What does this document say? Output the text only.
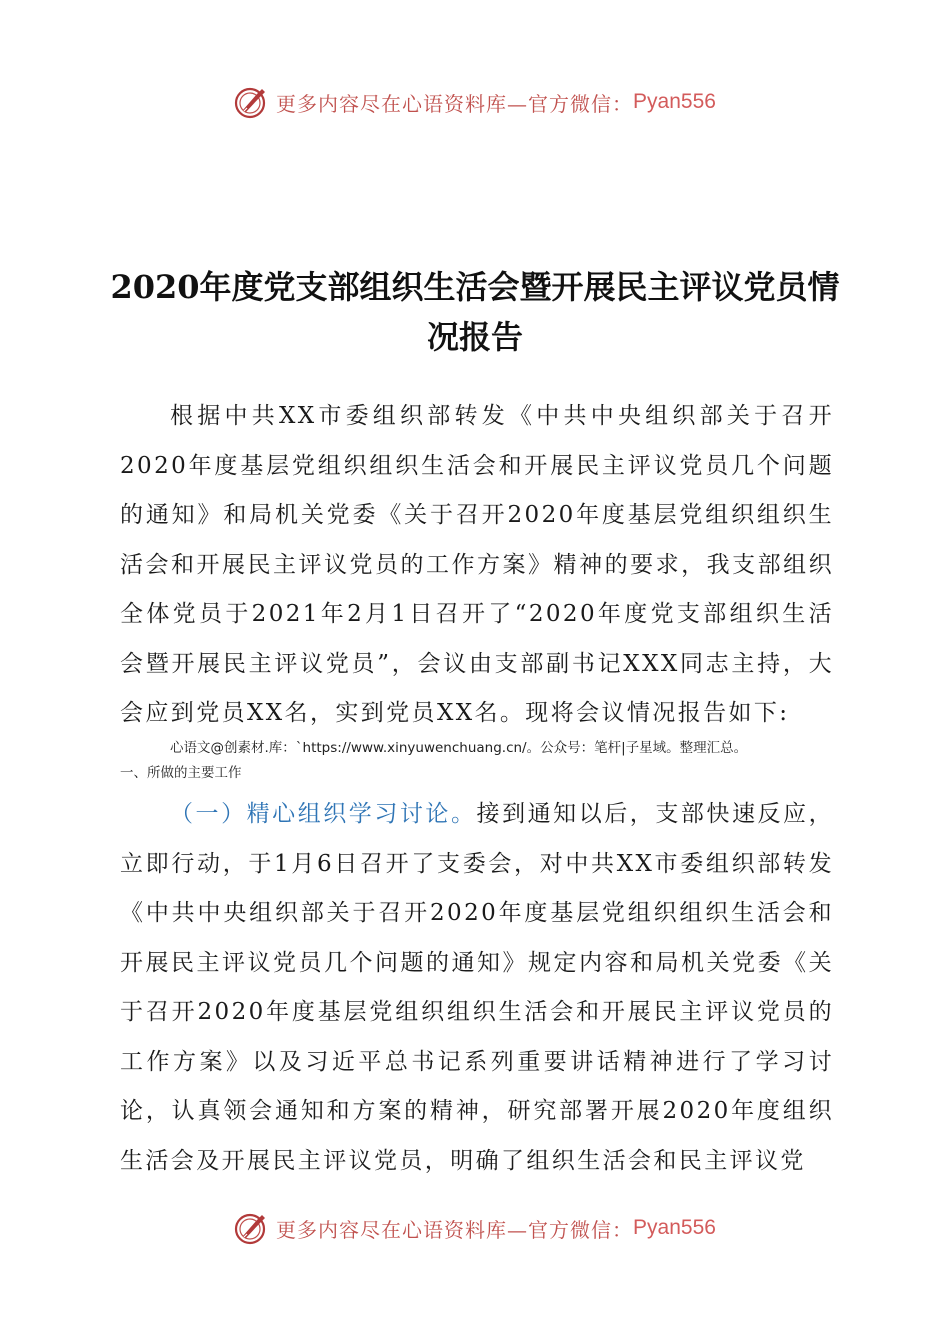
更多内容尽在心语资料库—官方微信： Pyan556
2020年度党支部组织生活会暨开展民主评议党员情况报告

根据中共XX市委组织部转发《中共中央组织部关于召开2020年度基层党组织组织生活会和开展民主评议党员几个问题的通知》和局机关党委《关于召开2020年度基层党组织组织生活会和开展民主评议党员的工作方案》精神的要求，我支部组织全体党员于2021年2月1日召开了“2020年度党支部组织生活会暨开展民主评议党员”，会议由支部副书记XXX同志主持，大会应到党员XX名，实到党员XX名。现将会议情况报告如下:

心语文@创素材.库：`https://www.xinyuwenchuang.cn/。公众号：笔杆|子星域。整理汇总。

一、所做的主要工作

（一）精心组织学习讨论。接到通知以后，支部快速反应，立即行动，于1月6日召开了支委会，对中共XX市委组织部转发《中共中央组织部关于召开2020年度基层党组织组织生活会和开展民主评议党员几个问题的通知》规定内容和局机关党委《关于召开2020年度基层党组织组织生活会和开展民主评议党员的工作方案》以及习近平总书记系列重要讲话精神进行了学习讨论，认真领会通知和方案的精神，研究部署开展2020年度组织生活会及开展民主评议党员，明确了组织生活会和民主评议党

更多内容尽在心语资料库—官方微信： Pyan556
